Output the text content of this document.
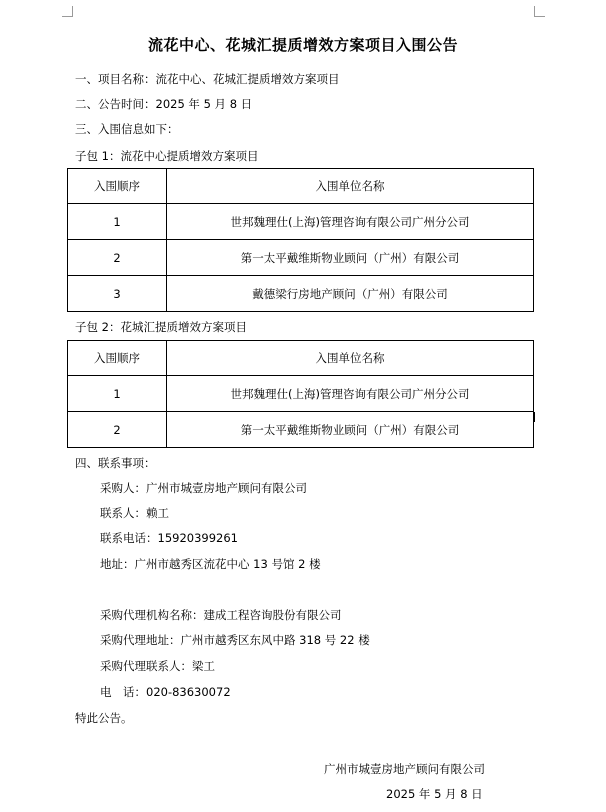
流花中心、花城汇提质增效方案项目入围公告
一、项目名称：流花中心、花城汇提质增效方案项目
二、公告时间：2025 年 5 月 8 日
三、入围信息如下：
子包 1：流花中心提质增效方案项目
入围顺序	入围单位名称
1	世邦魏理仕(上海)管理咨询有限公司广州分公司
2	第一太平戴维斯物业顾问（广州）有限公司
3	戴德梁行房地产顾问（广州）有限公司
子包 2：花城汇提质增效方案项目
入围顺序	入围单位名称
1	世邦魏理仕(上海)管理咨询有限公司广州分公司
2	第一太平戴维斯物业顾问（广州）有限公司
四、联系事项：
采购人：广州市城壹房地产顾问有限公司
联系人：赖工
联系电话：15920399261
地址：广州市越秀区流花中心 13 号馆 2 楼
采购代理机构名称：建成工程咨询股份有限公司
采购代理地址：广州市越秀区东风中路 318 号 22 楼
采购代理联系人：梁工
电　话：020-83630072
特此公告。
广州市城壹房地产顾问有限公司
2025 年 5 月 8 日
